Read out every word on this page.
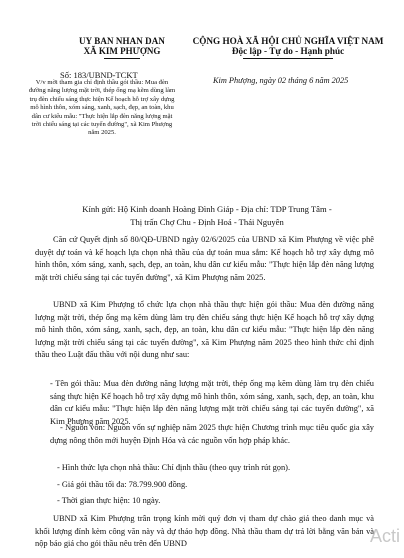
UY BAN NHAN DAN
XÃ KIM PHƯỢNG
CỘNG HOÀ XÃ HỘI CHỦ NGHĨA VIỆT NAM
Độc lập - Tự do - Hạnh phúc
Số: 183/UBND-TCKT
V/v mời tham gia chỉ định thầu gói thầu: Mua đèn đường năng lượng mặt trời, thép ống mạ kẽm dùng làm trụ đèn chiếu sáng thực hiện Kế hoạch hỗ trợ xây dựng mô hình thôn, xóm sáng, xanh, sạch, đẹp, an toàn, khu dân cư kiểu mẫu: "Thực hiện lắp đèn năng lượng mặt trời chiếu sáng tại các tuyến đường", xã Kim Phượng năm 2025.
Kim Phượng, ngày 02 tháng 6 năm 2025
Kính gửi: Hộ Kinh doanh Hoàng Đình Giáp - Địa chỉ: TDP Trung Tâm -
Thị trấn Chợ Chu - Định Hoá - Thái Nguyên
Căn cứ Quyết định số 80/QĐ-UBND ngày 02/6/2025 của UBND xã Kim Phượng về việc phê duyệt dự toán và kế hoạch lựa chọn nhà thầu của dự toán mua sắm: Kế hoạch hỗ trợ xây dựng mô hình thôn, xóm sáng, xanh, sạch, đẹp, an toàn, khu dân cư kiểu mẫu: "Thực hiện lắp đèn năng lượng mặt trời chiếu sáng tại các tuyến đường", xã Kim Phượng năm 2025.
UBND xã Kim Phượng tổ chức lựa chọn nhà thầu thực hiện gói thầu: Mua đèn đường năng lượng mặt trời, thép ống mạ kẽm dùng làm trụ đèn chiếu sáng thực hiện Kế hoạch hỗ trợ xây dựng mô hình thôn, xóm sáng, xanh, sạch, đẹp, an toàn, khu dân cư kiểu mẫu: "Thực hiện lắp đèn năng lượng mặt trời chiếu sáng tại các tuyến đường", xã Kim Phượng năm 2025 theo hình thức chỉ định thầu theo Luật đấu thầu với nội dung như sau:
- Tên gói thầu: Mua đèn đường năng lượng mặt trời, thép ống mạ kẽm dùng làm trụ đèn chiếu sáng thực hiện Kế hoạch hỗ trợ xây dựng mô hình thôn, xóm sáng, xanh, sạch, đẹp, an toàn, khu dân cư kiểu mẫu: "Thực hiện lắp đèn năng lượng mặt trời chiếu sáng tại các tuyến đường", xã Kim Phượng năm 2025.
- Nguồn vốn: Nguồn vốn sự nghiệp năm 2025 thực hiện Chương trình mục tiêu quốc gia xây dựng nông thôn mới huyện Định Hóa và các nguồn vốn hợp pháp khác.
- Hình thức lựa chọn nhà thầu: Chỉ định thầu (theo quy trình rút gọn).
- Giá gói thầu tối đa: 78.799.900 đồng.
- Thời gian thực hiện: 10 ngày.
UBND xã Kim Phượng trân trọng kính mời quý đơn vị tham dự chào giá theo danh mục và khối lượng đính kèm công văn này và dự thảo hợp đồng. Nhà thầu tham dự trả lời bằng văn bản và nộp báo giá cho gói thầu nêu trên đến UBND	Acti
